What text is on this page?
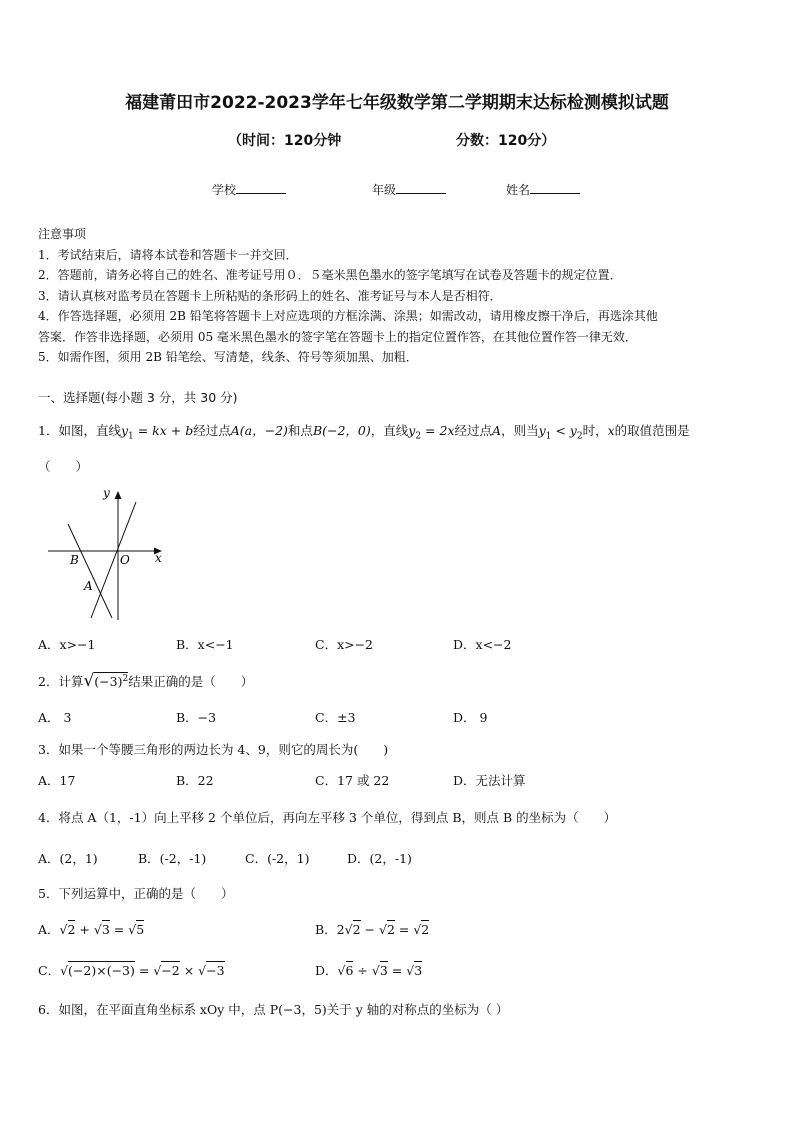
福建莆田市2022-2023学年七年级数学第二学期期末达标检测模拟试题
（时间：120分钟	分数：120分）
学校	年级	姓名

注意事项

1．考试结束后，请将本试卷和答题卡一并交回．

2．答题前，请务必将自己的姓名、准考证号用０．５毫米黑色墨水的签字笔填写在试卷及答题卡的规定位置．

3．请认真核对监考员在答题卡上所粘贴的条形码上的姓名、准考证号与本人是否相符．

4．作答选择题，必须用 2B 铅笔将答题卡上对应选项的方框涂满、涂黑；如需改动，请用橡皮擦干净后，再选涂其他

答案．作答非选择题，必须用 05 毫米黑色墨水的签字笔在答题卡上的指定位置作答，在其他位置作答一律无效．

5．如需作图，须用 2B 铅笔绘、写清楚，线条、符号等须加黑、加粗．

一、选择题(每小题 3 分，共 30 分)
1．如图，直线$y_1$ = kx + b经过点A(a，−2)和点B(−2，0)，直线$y_2 = 2x$经过点A，则当$y_1 < y_2$时，x的取值范围是
（　　）
y
x
B	O
A
A．x>−1	B．x<−1	C．x>−2	D．x<−2
2．计算$√(-3)^2$结果正确的是（　　）
A． 3	B．−3	C．±3	D． 9
3．如果一个等腰三角形的两边长为 4、9，则它的周长为(　　)
A．17	B．22	C．17 或 22	D．无法计算
4．将点 A（1，-1）向上平移 2 个单位后，再向左平移 3 个单位，得到点 B，则点 B 的坐标为（　　）
A．(2，1)	B．(-2，-1)	C．(-2，1)	D．(2，-1)
5．下列运算中，正确的是（　　）
A．√2 + √3 = √5	B．2√2 − √2 = √2
C．√(−2)×(−3) = √−2 × √−3	D．√6 ÷ √3 = √3
6．如图，在平面直角坐标系 xOy 中，点 P(−3，5)关于 y 轴的对称点的坐标为（ ）
